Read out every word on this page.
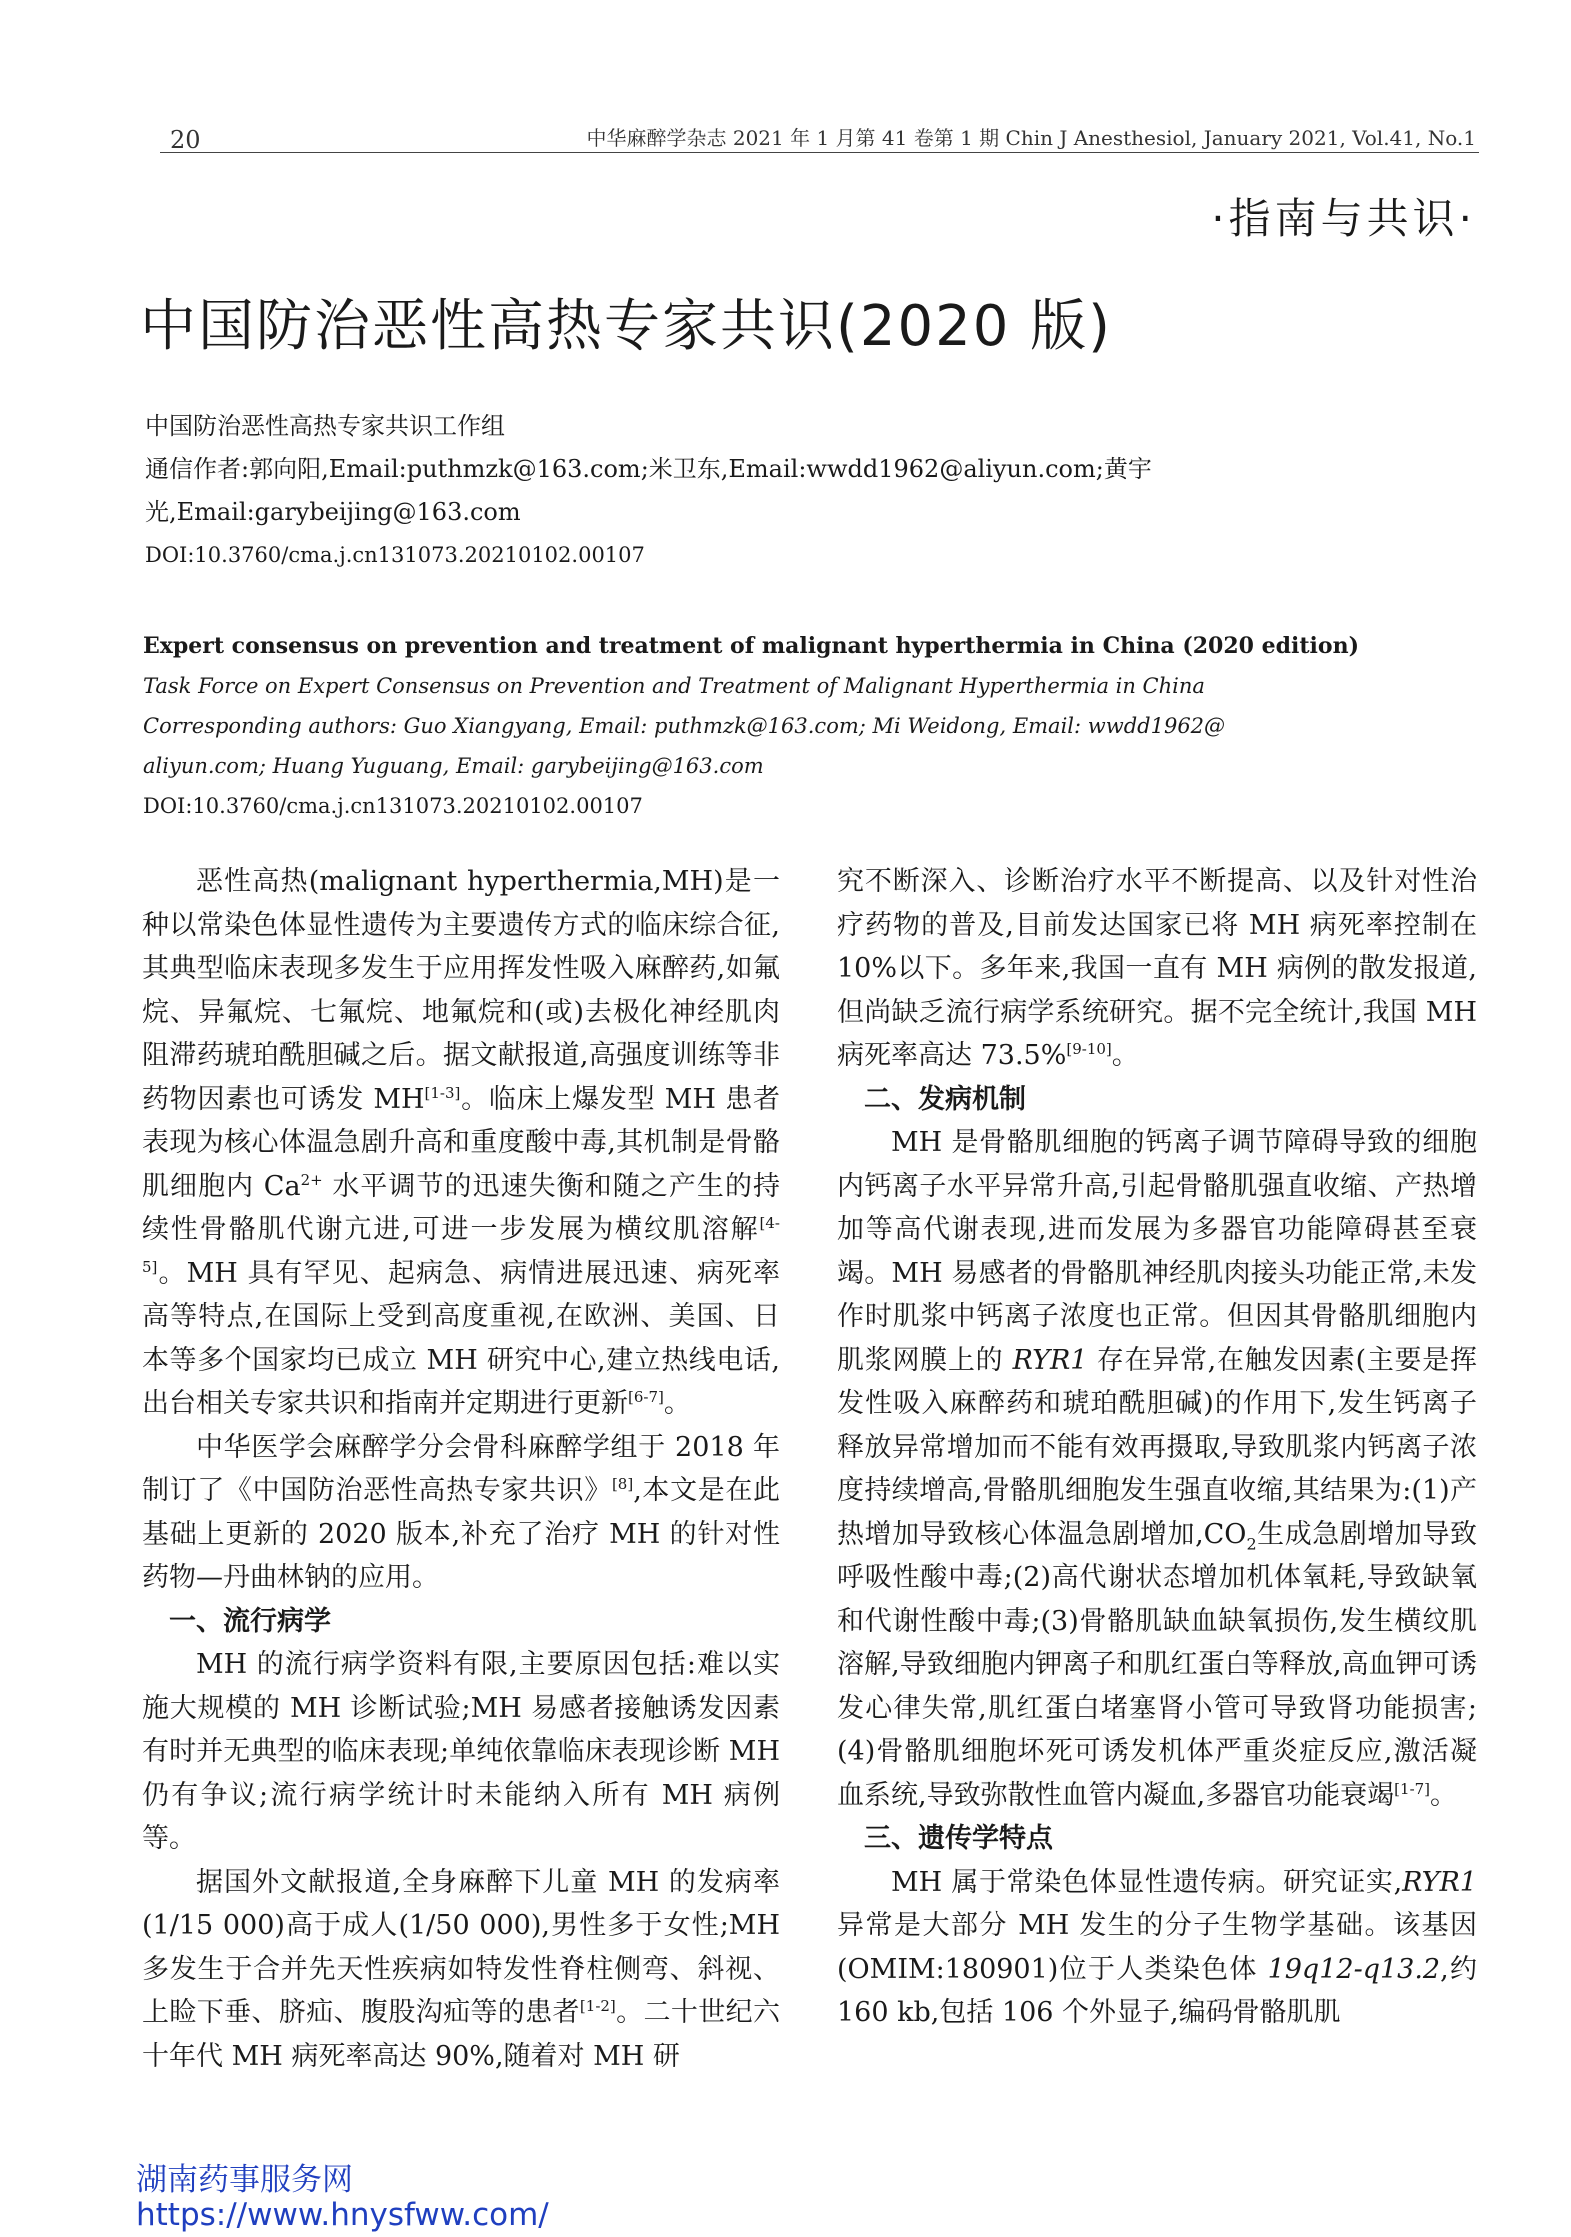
20	中华麻醉学杂志 2021 年 1 月第 41 卷第 1 期 Chin J Anesthesiol, January 2021, Vol.41, No.1
·指南与共识·
中国防治恶性高热专家共识(2020 版)
中国防治恶性高热专家共识工作组
通信作者:郭向阳,Email:puthmzk@163.com;米卫东,Email:wwdd1962@aliyun.com;黄宇
光,Email:garybeijing@163.com
DOI:10.3760/cma.j.cn131073.20210102.00107
Expert consensus on prevention and treatment of malignant hyperthermia in China (2020 edition)
Task Force on Expert Consensus on Prevention and Treatment of Malignant Hyperthermia in China
Corresponding authors: Guo Xiangyang, Email: puthmzk@163.com; Mi Weidong, Email: wwdd1962@
aliyun.com; Huang Yuguang, Email: garybeijing@163.com
DOI:10.3760/cma.j.cn131073.20210102.00107

恶性高热(malignant hyperthermia,MH)是一种以常染色体显性遗传为主要遗传方式的临床综合征,其典型临床表现多发生于应用挥发性吸入麻醉药,如氟烷、异氟烷、七氟烷、地氟烷和(或)去极化神经肌肉阻滞药琥珀酰胆碱之后。据文献报道,高强度训练等非药物因素也可诱发 MH[1-3]。临床上爆发型 MH 患者表现为核心体温急剧升高和重度酸中毒,其机制是骨骼肌细胞内 $Ca^{2+}$ 水平调节的迅速失衡和随之产生的持续性骨骼肌代谢亢进,可进一步发展为横纹肌溶解[4-5]。MH 具有罕见、起病急、病情进展迅速、病死率高等特点,在国际上受到高度重视,在欧洲、美国、日本等多个国家均已成立 MH 研究中心,建立热线电话,出台相关专家共识和指南并定期进行更新[6-7]。

中华医学会麻醉学分会骨科麻醉学组于 2018 年制订了《中国防治恶性高热专家共识》[8],本文是在此基础上更新的 2020 版本,补充了治疗 MH 的针对性药物—丹曲林钠的应用。

一、流行病学

MH 的流行病学资料有限,主要原因包括:难以实施大规模的 MH 诊断试验;MH 易感者接触诱发因素有时并无典型的临床表现;单纯依靠临床表现诊断 MH 仍有争议;流行病学统计时未能纳入所有 MH 病例等。

据国外文献报道,全身麻醉下儿童 MH 的发病率(1/15 000)高于成人(1/50 000),男性多于女性;MH 多发生于合并先天性疾病如特发性脊柱侧弯、斜视、上睑下垂、脐疝、腹股沟疝等的患者[1-2]。二十世纪六十年代 MH 病死率高达 90%,随着对 MH 研

究不断深入、诊断治疗水平不断提高、以及针对性治疗药物的普及,目前发达国家已将 MH 病死率控制在 10%以下。多年来,我国一直有 MH 病例的散发报道,但尚缺乏流行病学系统研究。据不完全统计,我国 MH 病死率高达 73.5%[9-10]。

二、发病机制

MH 是骨骼肌细胞的钙离子调节障碍导致的细胞内钙离子水平异常升高,引起骨骼肌强直收缩、产热增加等高代谢表现,进而发展为多器官功能障碍甚至衰竭。MH 易感者的骨骼肌神经肌肉接头功能正常,未发作时肌浆中钙离子浓度也正常。但因其骨骼肌细胞内肌浆网膜上的 RYR1 存在异常,在触发因素(主要是挥发性吸入麻醉药和琥珀酰胆碱)的作用下,发生钙离子释放异常增加而不能有效再摄取,导致肌浆内钙离子浓度持续增高,骨骼肌细胞发生强直收缩,其结果为:(1)产热增加导致核心体温急剧增加$,CO_2$生成急剧增加导致呼吸性酸中毒;(2)高代谢状态增加机体氧耗,导致缺氧和代谢性酸中毒;(3)骨骼肌缺血缺氧损伤,发生横纹肌溶解,导致细胞内钾离子和肌红蛋白等释放,高血钾可诱发心律失常,肌红蛋白堵塞肾小管可导致肾功能损害;(4)骨骼肌细胞坏死可诱发机体严重炎症反应,激活凝血系统,导致弥散性血管内凝血,多器官功能衰竭[1-7]。

三、遗传学特点

MH 属于常染色体显性遗传病。研究证实,RYR1 异常是大部分 MH 发生的分子生物学基础。该基因(OMIM:180901)位于人类染色体 19q12-q13.2,约 160 kb,包括 106 个外显子,编码骨骼肌肌

湖南药事服务网
https://www.hnysfww.com/
